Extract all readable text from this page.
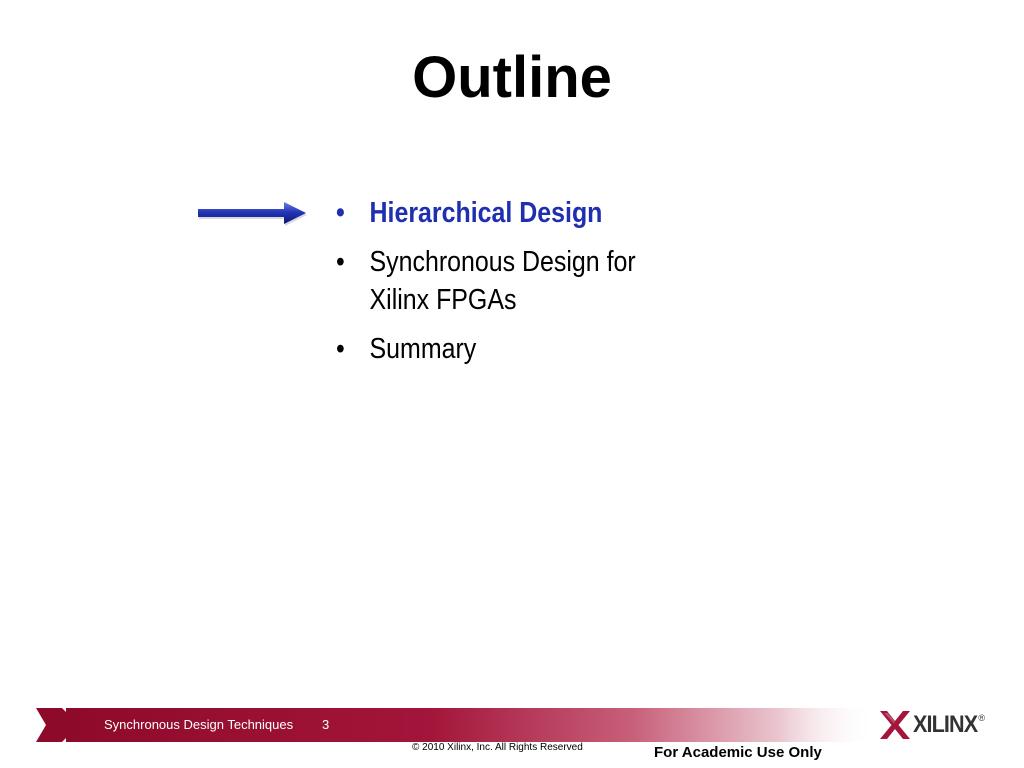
Outline
• Hierarchical Design
• Synchronous Design for
Xilinx FPGAs
• Summary
Synchronous Design Techniques 3	XILINX ®
© 2010 Xilinx, Inc. All Rights Reserved	For Academic Use Only
